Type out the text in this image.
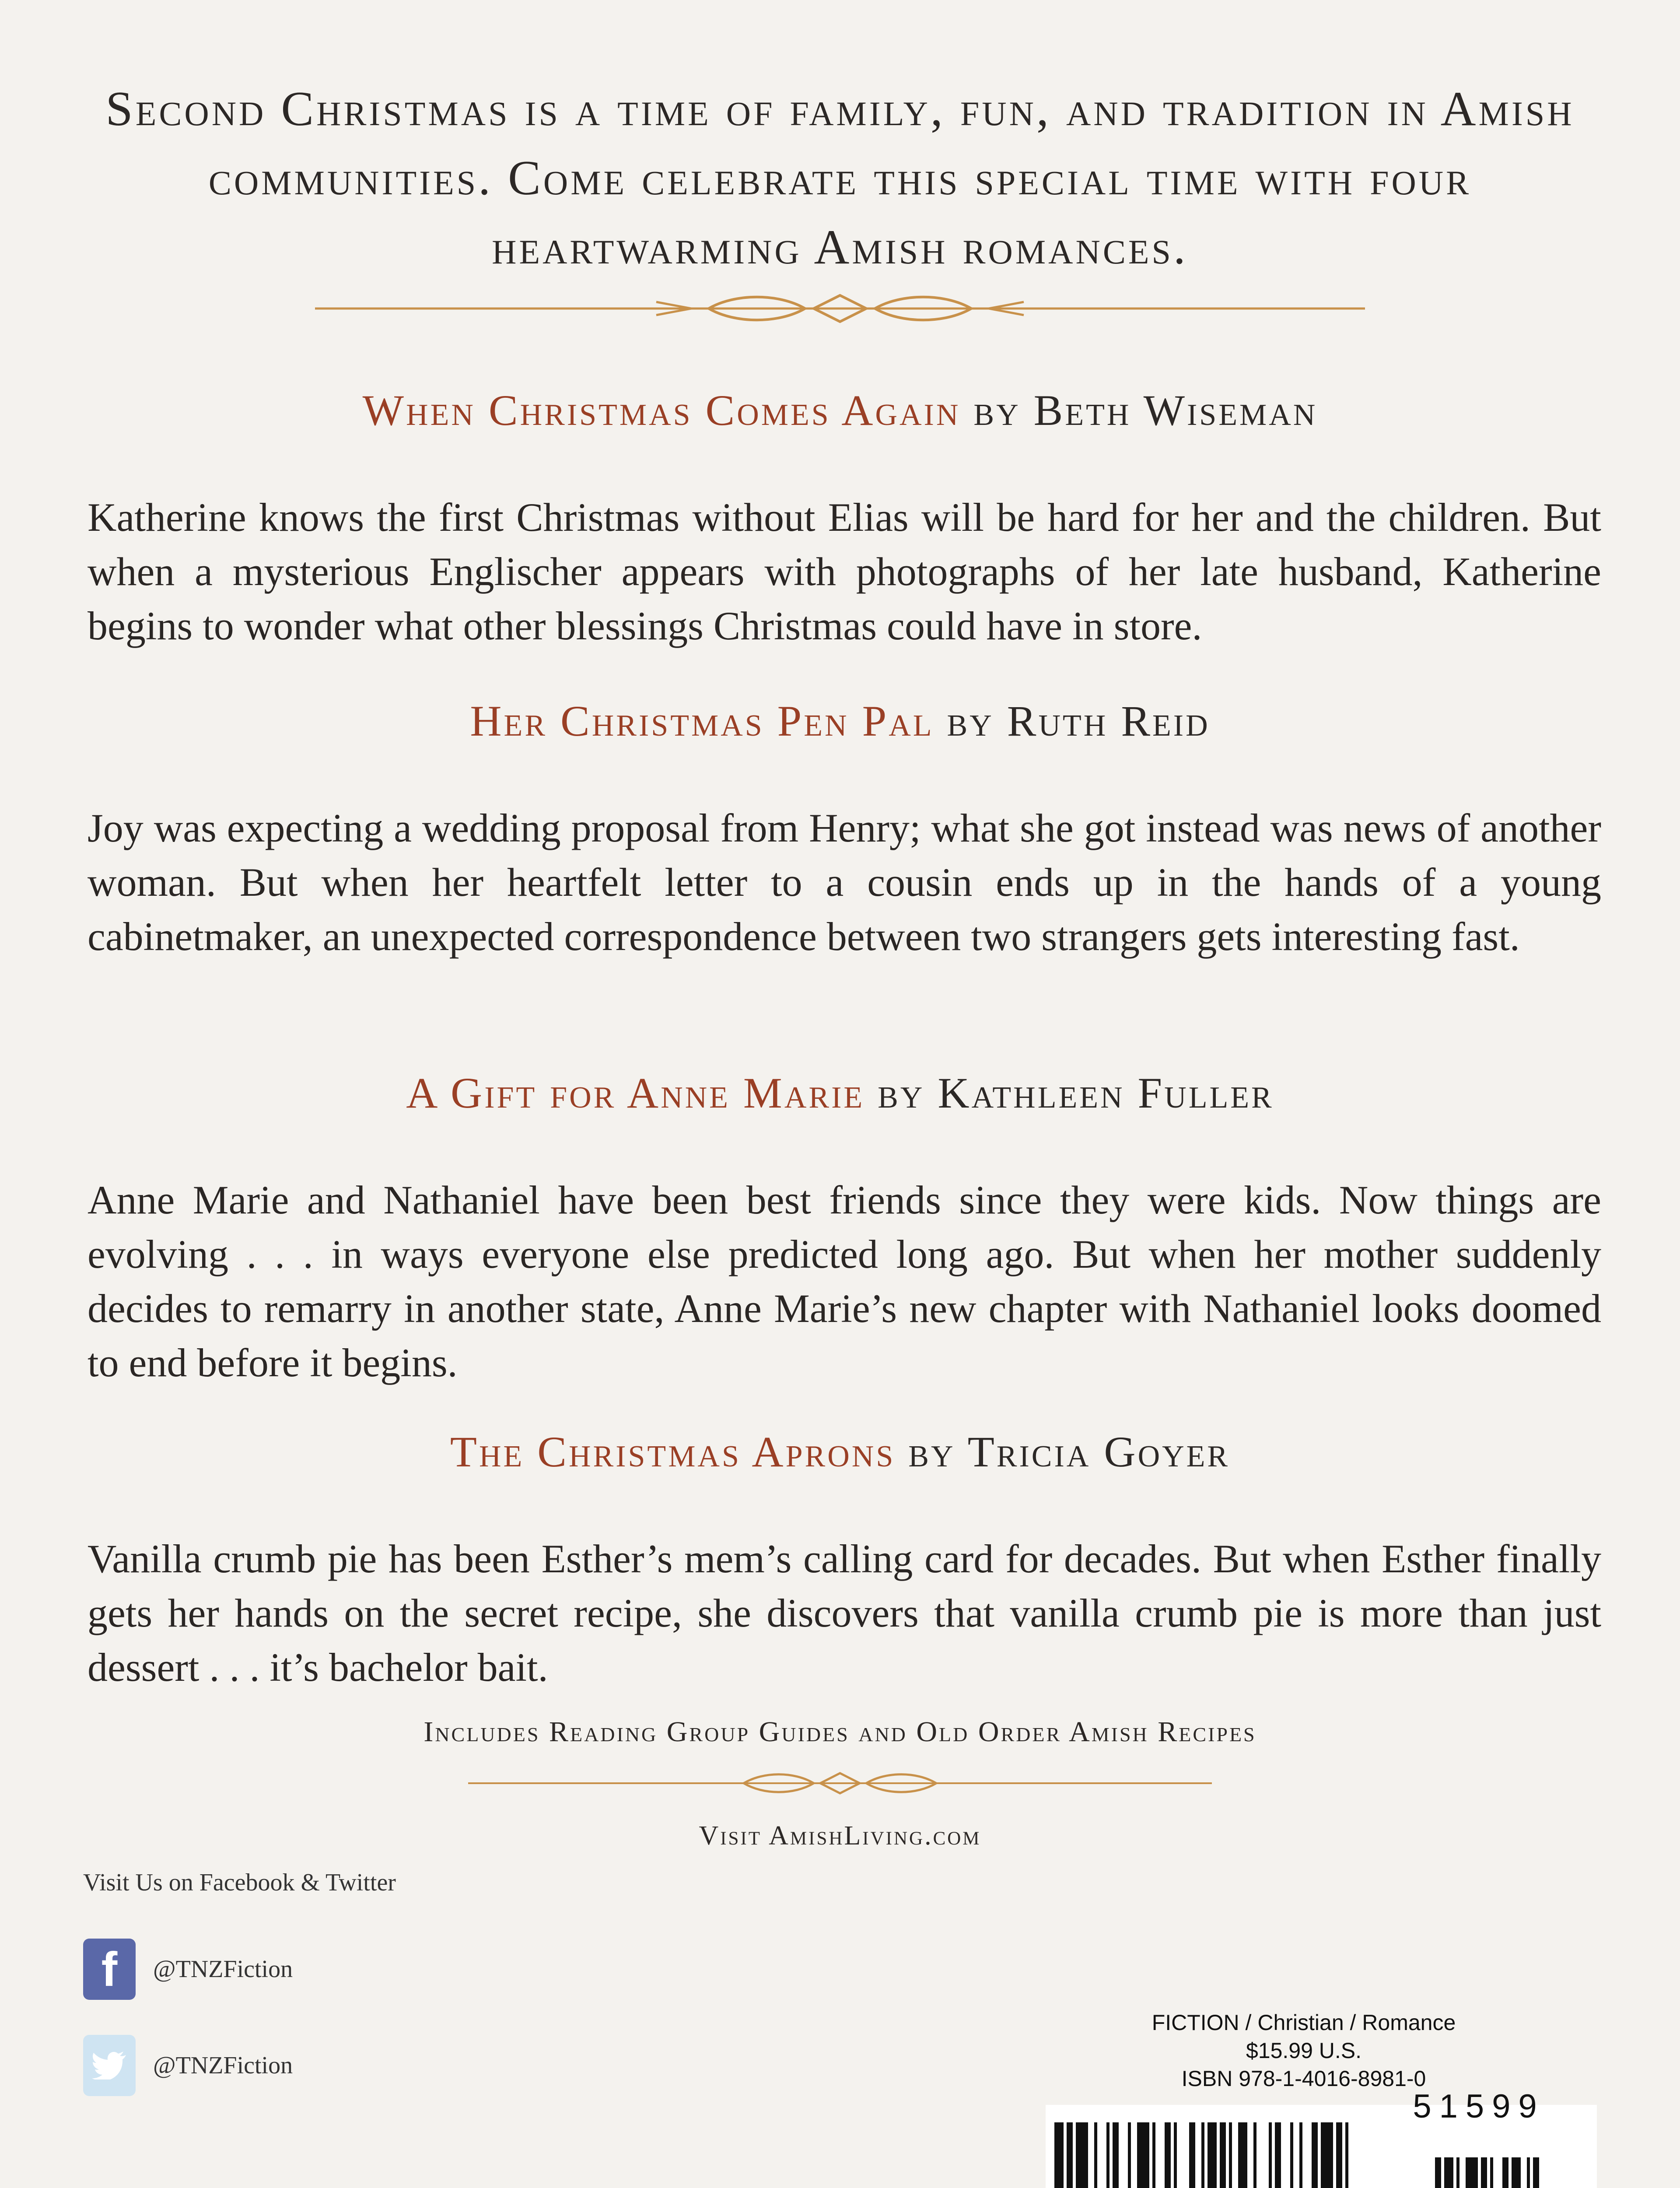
Second Christmas is a time of family, fun, and tradition in Amish communities. Come celebrate this special time with four heartwarming Amish romances.
When Christmas Comes Again by Beth Wiseman
Katherine knows the first Christmas without Elias will be hard for her and the children. But when a mysterious Englischer appears with photographs of her late husband, Katherine begins to wonder what other blessings Christmas could have in store.
Her Christmas Pen Pal by Ruth Reid
Joy was expecting a wedding proposal from Henry; what she got instead was news of another woman. But when her heartfelt letter to a cousin ends up in the hands of a young cabinetmaker, an unexpected correspondence between two strangers gets interesting fast.
A Gift for Anne Marie by Kathleen Fuller
Anne Marie and Nathaniel have been best friends since they were kids. Now things are evolving . . . in ways everyone else predicted long ago. But when her mother suddenly decides to remarry in another state, Anne Marie’s new chapter with Nathaniel looks doomed to end before it begins.
The Christmas Aprons by Tricia Goyer
Vanilla crumb pie has been Esther’s mem’s calling card for decades. But when Esther finally gets her hands on the secret recipe, she discovers that vanilla crumb pie is more than just dessert . . . it’s bachelor bait.
Includes Reading Group Guides and Old Order Amish Recipes
Visit AmishLiving.com
Visit Us on Facebook & Twitter
f	@TNZFiction
@TNZFiction
FICTION / Christian / Romance
$15.99 U.S.
ISBN 978-1-4016-8981-0
51599
